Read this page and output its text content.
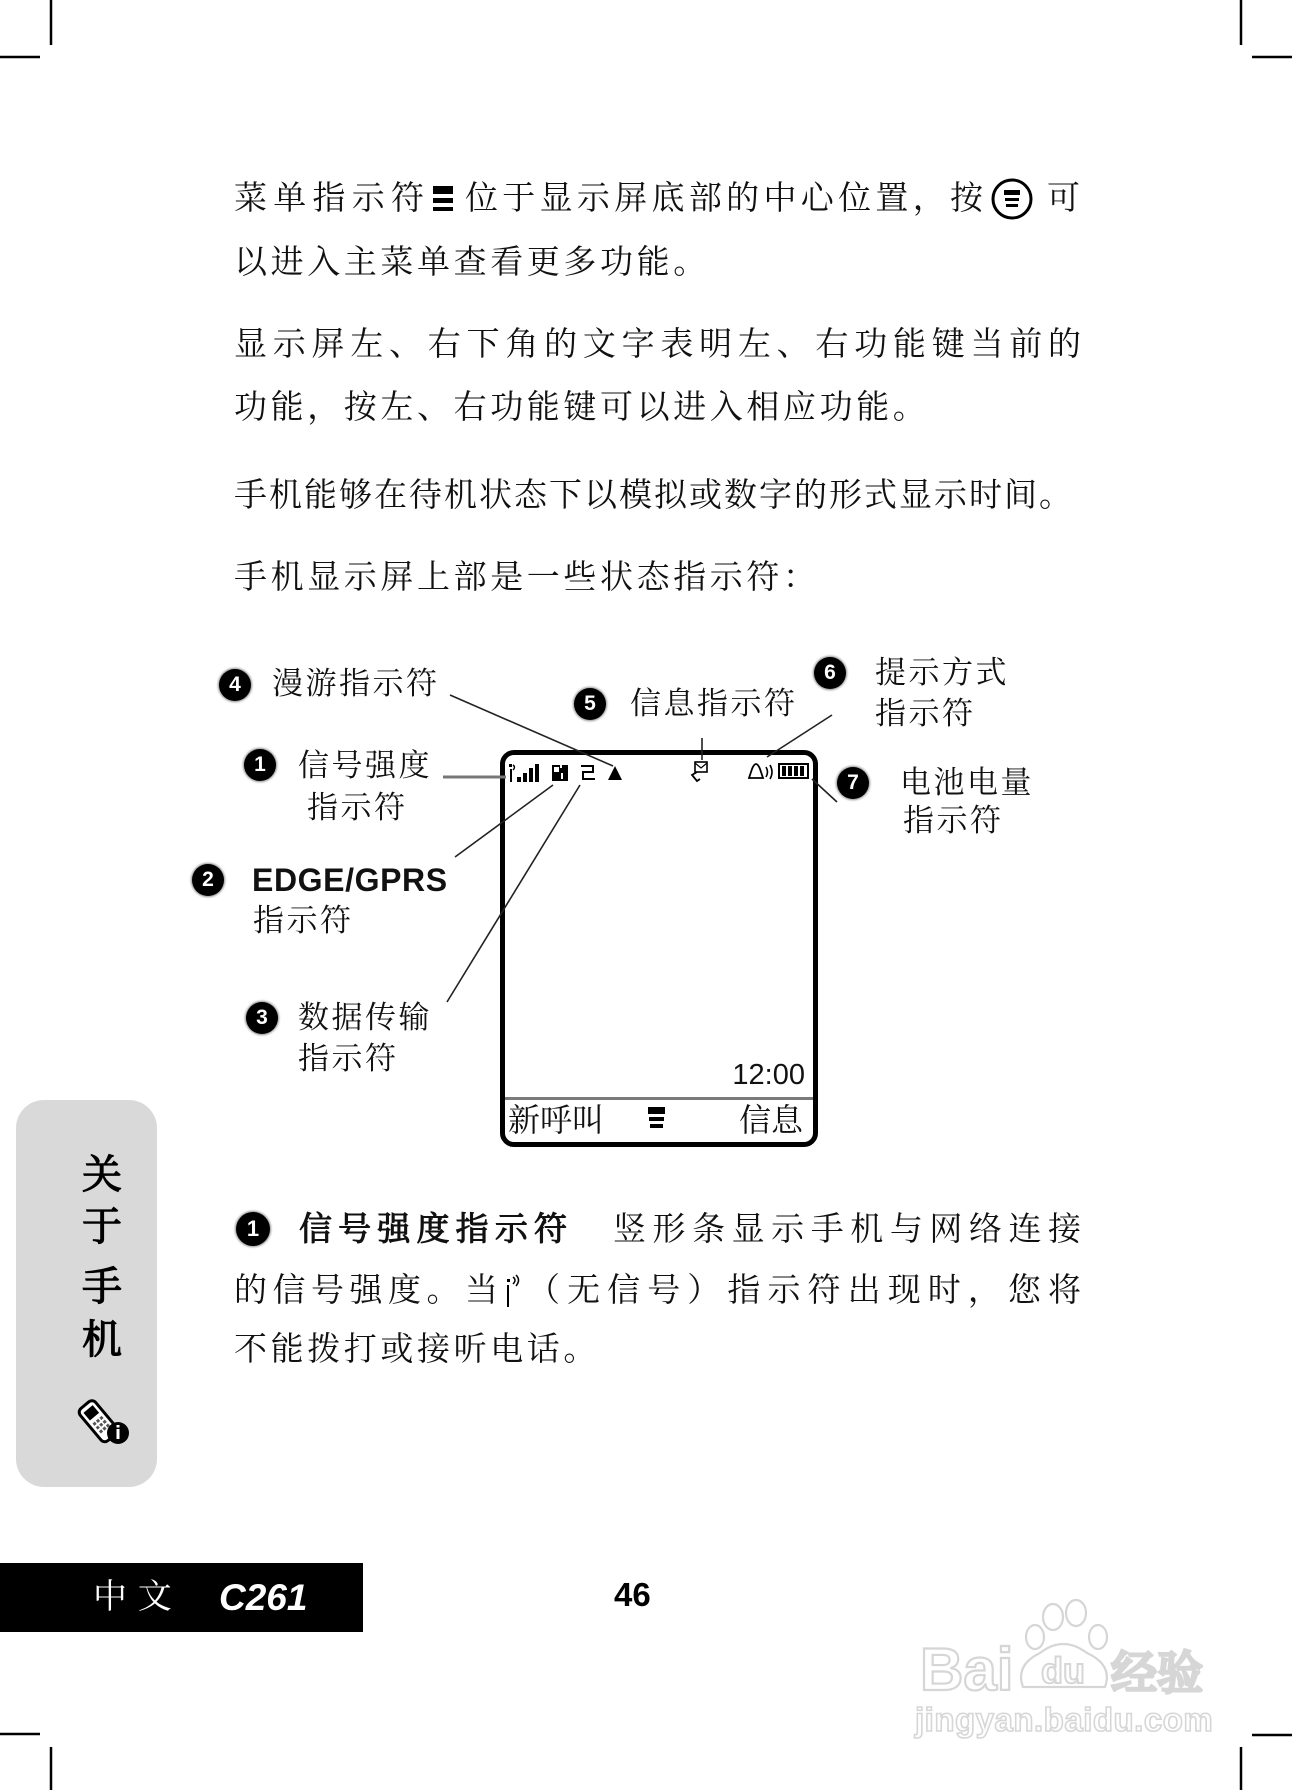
菜单指示符 位于显示屏底部的中心位置，按 可
以进入主菜单查看更多功能。
显示屏左、右下角的文字表明左、右功能键当前的
功能，按左、右功能键可以进入相应功能。
手机能够在待机状态下以模拟或数字的形式显示时间。
手机显示屏上部是一些状态指示符：
12:00
新呼叫	信息
1	信号强度
指示符
2	EDGE/GPRS
指示符
3 数据传输
指示符
4	漫游指示符
5	信息指示符
6	提示方式
指示符
7	电池电量
指示符
1	信号强度指示符 竖形条显示手机与网络连接
的信号强度。当 （无信号）指示符出现时，您将
不能拨打或接听电话。
关
于
手
机
中 文 C261	46
Bai du 经验
jingyan.baidu.com
